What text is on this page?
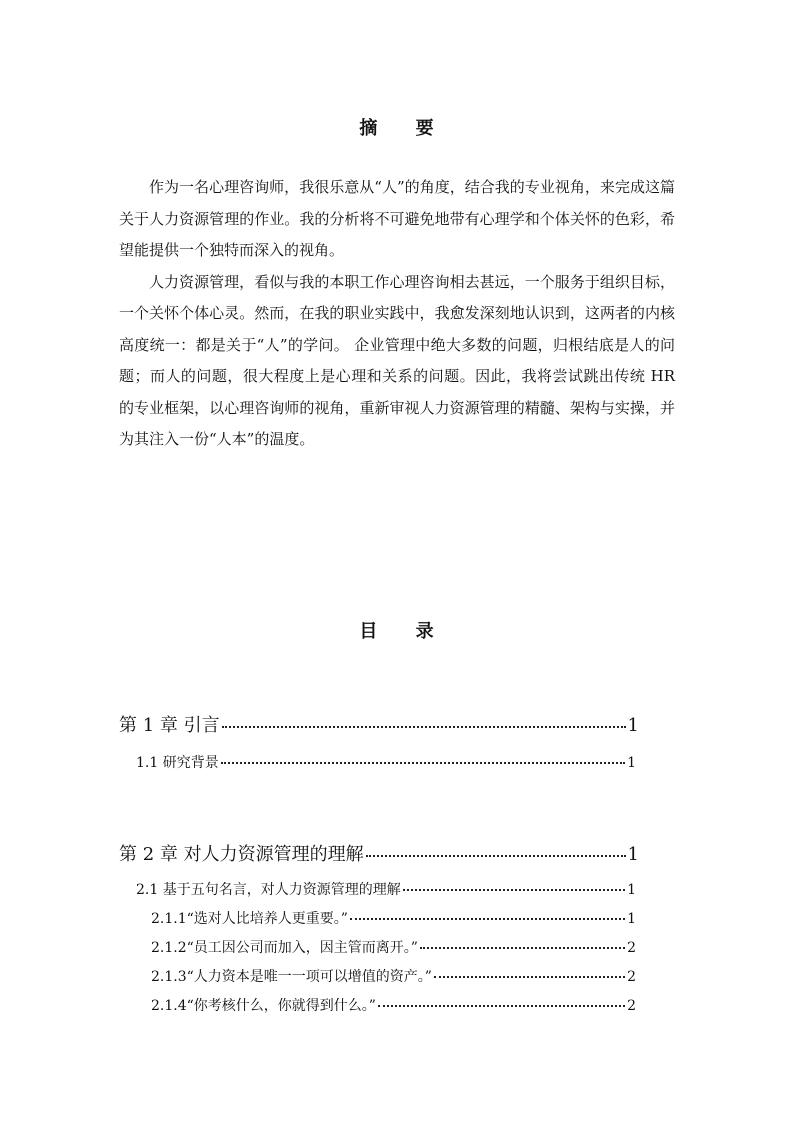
摘 要

作为一名心理咨询师，我很乐意从“人”的角度，结合我的专业视角，来完成这篇关于人力资源管理的作业。我的分析将不可避免地带有心理学和个体关怀的色彩，希望能提供一个独特而深入的视角。

人力资源管理，看似与我的本职工作心理咨询相去甚远，一个服务于组织目标，一个关怀个体心灵。然而，在我的职业实践中，我愈发深刻地认识到，这两者的内核高度统一：都是关于“人”的学问。 企业管理中绝大多数的问题，归根结底是人的问题；而人的问题，很大程度上是心理和关系的问题。因此，我将尝试跳出传统 HR 的专业框架，以心理咨询师的视角，重新审视人力资源管理的精髓、架构与实操，并为其注入一份“人本”的温度。

目 录
第 1 章 引言	1
1.1 研究背景	1
第 2 章 对人力资源管理的理解	1
2.1 基于五句名言，对人力资源管理的理解	1
2.1.1“选对人比培养人更重要。”	1
2.1.2“员工因公司而加入，因主管而离开。”	2
2.1.3“人力资本是唯一一项可以增值的资产。”	2
2.1.4“你考核什么，你就得到什么。”	2
